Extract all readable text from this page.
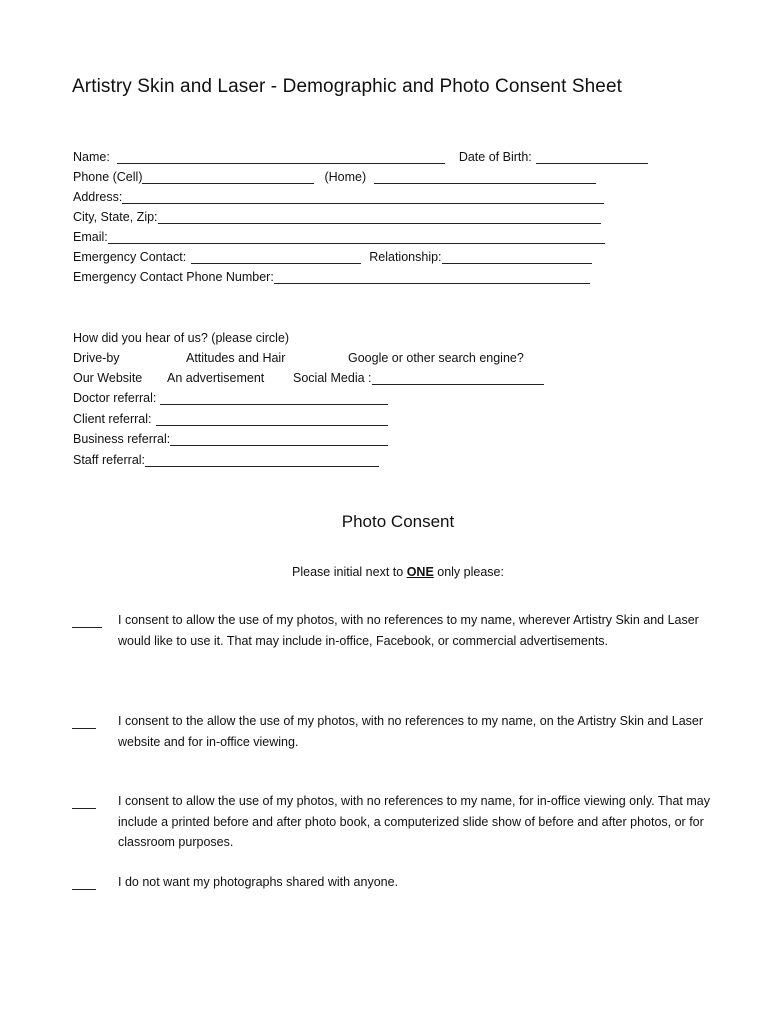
Artistry Skin and Laser - Demographic and Photo Consent Sheet
Name:	Date of Birth:
Phone (Cell)	(Home)
Address:
City, State, Zip:
Email:
Emergency Contact:	Relationship:
Emergency Contact Phone Number:
How did you hear of us? (please circle)
Drive-by	Attitudes and Hair	Google or other search engine?
Our Website	An advertisement	Social Media :
Doctor referral:
Client referral:
Business referral:
Staff referral:
Photo Consent
Please initial next to ONE only please:
I consent to allow the use of my photos, with no references to my name, wherever Artistry Skin and Laser would like to use it. That may include in-office, Facebook, or commercial advertisements.
I consent to the allow the use of my photos, with no references to my name, on the Artistry Skin and Laser website and for in-office viewing.
I consent to allow the use of my photos, with no references to my name, for in-office viewing only. That may include a printed before and after photo book, a computerized slide show of before and after photos, or for classroom purposes.
I do not want my photographs shared with anyone.
